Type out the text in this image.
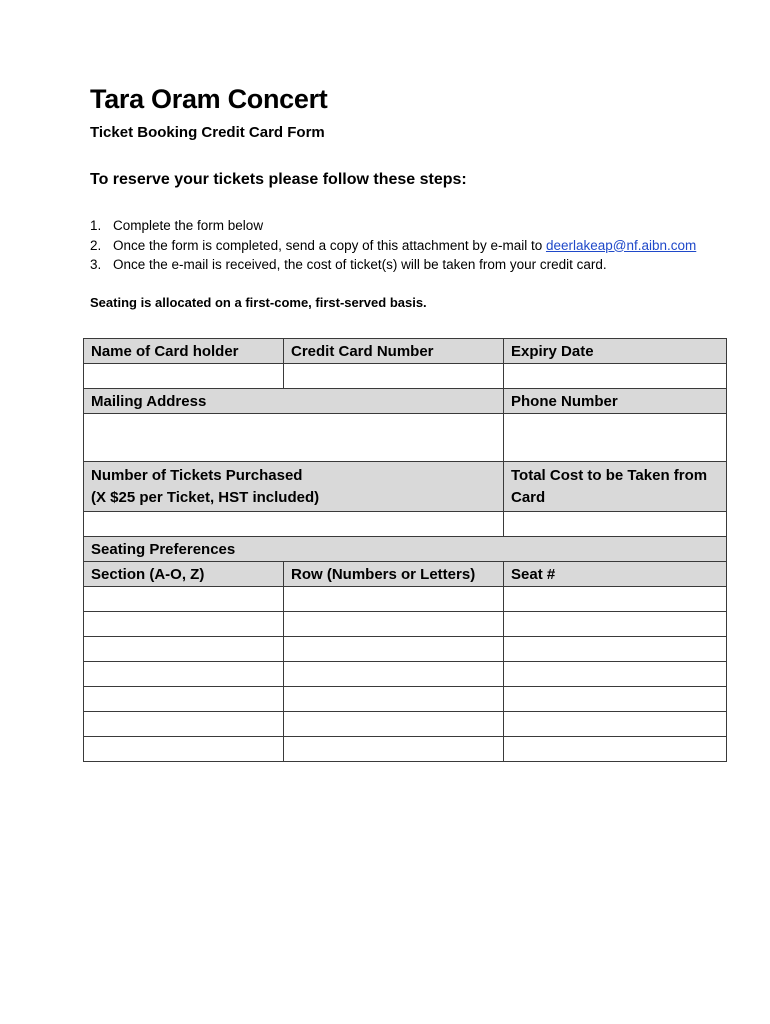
Tara Oram Concert
Ticket Booking Credit Card Form
To reserve your tickets please follow these steps:
1. Complete the form below
2. Once the form is completed, send a copy of this attachment by e-mail to deerlakeap@nf.aibn.com
3. Once the e-mail is received, the cost of ticket(s) will be taken from your credit card.
Seating is allocated on a first-come, first-served basis.
Name of Card holder	Credit Card Number	Expiry Date

Mailing Address		Phone Number

Number of Tickets Purchased
(X $25 per Ticket, HST included)		Total Cost to be Taken from Card

Seating Preferences		
Section (A-O, Z)	Row (Numbers or Letters)	Seat #
